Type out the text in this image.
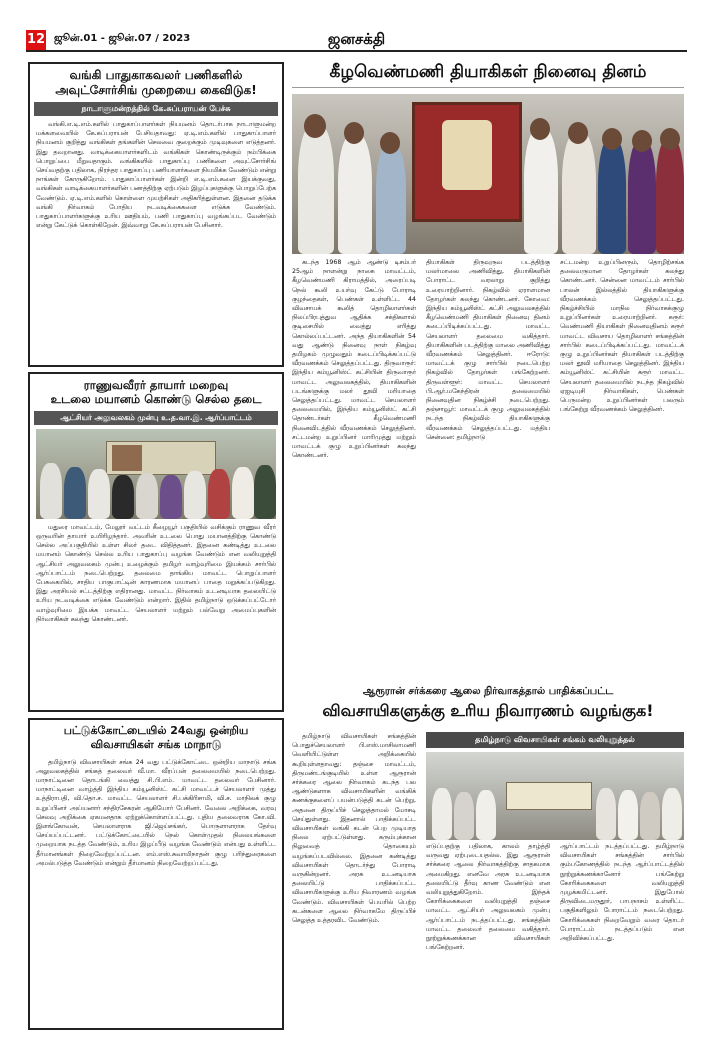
12 ஜூன்.01 - ஜூன்.07 / 2023	ஜனசக்தி
வங்கி பாதுகாகவலர் பணிகளில்
அவுட்சோர்சிங் முறையை கைவிடுக!
நாடாளுமன்றத்தில் கே.சுப்பராயன் பேச்சு
வங்கி.எ.டி.எம்.களில் பாதுகாப்பாளர்கள் நியமனம் தொடர்பாக நாடாளுமன்ற மக்களவையில் கே.சுப்பராயன் பேசியதாவது: ஏ.டி.எம்.களில் பாதுகாப்பாளர் நியமனம் குறித்து வங்கிகள் தங்களின் செலவை குறைக்கும் முடிவுகளை எடுத்தனர். இது தவறானது. வாடிக்கையாளர்களிடம் வங்கிகள் கொண்டிருக்கும் நம்பிக்கை பொறுப்பை மீறுவதாகும். வங்கிகளில் பாதுகாப்பு பணிகளை அவுட்சோர்சிங் செய்வதற்கு பதிலாக, நிரந்தர பாதுகாப்பு பணியாளர்களை நியமிக்க வேண்டும் என்று நாங்கள் கோருகிறோம். பாதுகாப்பாளர்கள் இன்றி எ.டி.எம்.களை இயக்குவது, வங்கிகள் வாடிக்கையாளர்களின் பணத்திற்கு ஏற்படும் இழப்புகளுக்கு பொறுப்பேற்க வேண்டும். ஏ.டி.எம்.களில் கொள்ளை முயற்சிகள் அதிகரித்துள்ளன. இதனை தடுக்க வங்கி நிர்வாகம் போதிய நடவடிக்கைகளை எடுக்க வேண்டும். பாதுகாப்பாளர்களுக்கு உரிய ஊதியம், பணி பாதுகாப்பு வழங்கப்பட வேண்டும் என்று கேட்டுக் கொள்கிறேன். இவ்வாறு கே.சுப்பராயன் பேசினார்.
ராணுவவீரர் தாயார் மறைவு
உடலை மயானம் கொண்டு செல்ல தடை
ஆட்சியர் அலுவலகம் முன்பு உ.த.வா.இ. ஆர்ப்பாட்டம்
மதுரை மாவட்டம், மேலூர் வட்டம் கீழையூர் பகுதியில் வசிக்கும் ராணுவ வீரர் ஒருவரின் தாயார் உயிரிழந்தார். அவரின் உடலை பொது மயானத்திற்கு கொண்டு செல்ல அப்பகுதியில் உள்ள சிலர் தடை விதித்தனர். இதனை கண்டித்து உடலை மயானம் கொண்டு செல்ல உரிய பாதுகாப்பு வழங்க வேண்டும் என வலியுறுத்தி ஆட்சியர் அலுவலகம் முன்பு உழைக்கும் தமிழர் வாழ்வுரிமை இயக்கம் சார்பில் ஆர்ப்பாட்டம் நடைபெற்றது. தலைமை தாங்கிய மாவட்ட பொறுப்பாளர் பேசுகையில், சாதிய பாகுபாட்டின் காரணமாக மயானப் பாதை மறுக்கப்படுகிறது. இது அரசியல் சட்டத்திற்கு எதிரானது. மாவட்ட நிர்வாகம் உடனடியாக தலையிட்டு உரிய நடவடிக்கை எடுக்க வேண்டும் என்றார். இதில் தமிழ்நாடு ஒடுக்கப்பட்டோர் வாழ்வுரிமை இயக்க மாவட்ட செயலாளர் மற்றும் பல்வேறு அமைப்புகளின் நிர்வாகிகள் கலந்து கொண்டனர்.
பட்டுக்கோட்டையில் 24வது ஒன்றிய
விவசாயிகள் சங்க மாநாடு
தமிழ்நாடு விவசாயிகள் சங்க 24 வது பட்டுக்கோட்டை ஒன்றிய மாநாடு சங்க அலுவலகத்தில் சங்கத் தலைவர் வீ.மா. வீரப்பன் தலைமையில் நடைபெற்றது. மாநாட்டினை தொடங்கி வைத்து சி.பி.எம். மாவட்ட தலைவர் பேசினார். மாநாட்டினை வாழ்த்தி இந்திய கம்யூனிஸ்ட் கட்சி மாவட்டச் செயலாளர் முத்து உத்திராபதி, வி.தொ.ச. மாவட்ட செயலாளர் சி.பக்கிரிசாமி, வி.ச. மாநிலக் குழு உறுப்பினர் அய்யனார் சந்திரசேகரன் ஆகியோர் பேசினர். வேலை அறிக்கை, வரவு செலவு அறிக்கை ஏகமனதாக ஏற்றுக்கொள்ளப்பட்டது. புதிய தலைவராக கோ.வி. இளங்கோவன், செயலாளராக ஜி.ஜெய்சங்கர், பொருளாளராக தேர்வு செய்யப்பட்டனர். பட்டுக்கோட்டையில் நெல் கொள்முதல் நிலையங்களை முறையாக நடத்த வேண்டும், உரிய இழப்பீடு வழங்க வேண்டும் என்பது உள்ளிட்ட தீர்மானங்கள் நிறைவேற்றப்பட்டன. எம்.எஸ்.சுவாமிநாதன் குழு பரிந்துரைகளை அமல்படுத்த வேண்டும் என்றும் தீர்மானம் நிறைவேற்றப்பட்டது.
கீழவெண்மணி தியாகிகள் நினைவு தினம்
கடந்த 1968 ஆம் ஆண்டு டிசம்பர் 25ஆம் நாளன்று நாகை மாவட்டம், கீழவெண்மணி கிராமத்தில், அரைப்படி நெல் கூலி உயர்வு கேட்டு போராடி குழந்தைகள், பெண்கள் உள்ளிட்ட 44 விவசாயக் கூலித் தொழிலாளர்கள் நிலப்பிரபுத்துவ ஆதிக்க சக்திகளால் குடிசையில் வைத்து எரித்து கொல்லப்பட்டனர். அந்த தியாகிகளின் 54 வது ஆண்டு நினைவு நாள் நிகழ்வு தமிழகம் முழுவதும் கடைப்பிடிக்கப்பட்டு வீரவணக்கம் செலுத்தப்பட்டது. திருவாரூர்: இந்திய கம்யூனிஸ்ட் கட்சியின் திருவாரூர் மாவட்ட அலுவலகத்தில், தியாகிகளின் படங்களுக்கு மலர் தூவி மரியாதை செலுத்தப்பட்டது. மாவட்ட செயலாளர் தலைமையில், இந்திய கம்யூனிஸ்ட் கட்சி தொண்டர்கள் கீழவெண்மணி நினைவிடத்தில் வீரவணக்கம் செலுத்தினர். சட்டமன்ற உறுப்பினர் மாரிமுத்து மற்றும் மாவட்டக் குழு உறுப்பினர்கள் கலந்து கொண்டனர்.
தியாகிகள் திருவுருவ படத்திற்கு மலர்மாலை அணிவித்து, தியாகிகளின் போராட்ட வரலாறு குறித்து உரையாற்றினார். நிகழ்வில் ஏராளமான தோழர்கள் கலந்து கொண்டனர். கோவை: இந்திய கம்யூனிஸ்ட் கட்சி அலுவலகத்தில் கீழவெண்மணி தியாகிகள் நினைவு தினம் கடைப்பிடிக்கப்பட்டது. மாவட்ட செயலாளர் தலைமை வகித்தார். தியாகிகளின் படத்திற்கு மாலை அணிவித்து வீரவணக்கம் செலுத்தினர். ஈரோடு: மாவட்டக் குழு சார்பில் நடைபெற்ற நிகழ்வில் தோழர்கள் பங்கேற்றனர். திருவள்ளூர்: மாவட்ட செயலாளர் பி.ஆர்.மகேந்திரன் தலைமையில் நினைவுதின நிகழ்ச்சி நடைபெற்றது. தஞ்சாவூர்: மாவட்டக் குழு அலுவலகத்தில் நடந்த நிகழ்வில் தியாகிகளுக்கு வீரவணக்கம் செலுத்தப்பட்டது. மத்திய சென்னை: தமிழ்நாடு
சட்டமன்ற உறுப்பினரும், தொழிற்சங்க தலைவருமான தோழர்கள் கலந்து கொண்டனர். சென்னை மாவட்டம் சார்பில் பாலன் இல்லத்தில் தியாகிகளுக்கு வீரவணக்கம் செலுத்தப்பட்டது. நிகழ்ச்சியில் மாநில நிர்வாகக்குழு உறுப்பினர்கள் உரையாற்றினர். கரூர்: வெண்மணி தியாகிகள் நினைவுதினம் கரூர் மாவட்ட விவசாய தொழிலாளர் சங்கத்தின் சார்பில் கடைப்பிடிக்கப்பட்டது. மாவட்டக் குழு உறுப்பினர்கள் தியாகிகள் படத்திற்கு மலர் தூவி மரியாதை செலுத்தினர். இந்திய கம்யூனிஸ்ட் கட்சியின் கரூர் மாவட்ட செயலாளர் தலைமையில் நடந்த நிகழ்வில் ஏஐடியுசி நிர்வாகிகள், பெண்கள் பெருமன்ற உறுப்பினர்கள் பலரும் பங்கேற்று வீரவணக்கம் செலுத்தினர்.
ஆரூரான் சர்க்கரை ஆலை நிர்வாகத்தால் பாதிக்கப்பட்ட
விவசாயிகளுக்கு உரிய நிவாரணம் வழங்குக!
தமிழ்நாடு விவசாயிகள் சங்கத்தின் பொதுச்செயலாளர் பி.எஸ்.மாசிலாமணி வெளியிட்டுள்ள அறிக்கையில் கூறியுள்ளதாவது: தஞ்சை மாவட்டம், திருமண்டங்குடியில் உள்ள ஆரூரான் சர்க்கரை ஆலை நிர்வாகம் கடந்த பல ஆண்டுகளாக விவசாயிகளின் வங்கிக் கணக்குகளைப் பயன்படுத்தி கடன் பெற்று, அதனை திருப்பிச் செலுத்தாமல் மோசடி செய்துள்ளது. இதனால் பாதிக்கப்பட்ட விவசாயிகள் வங்கி கடன் பெற முடியாத நிலை ஏற்பட்டுள்ளது. கரும்புக்கான நிலுவைத் தொகையும் வழங்கப்படவில்லை. இதனை கண்டித்து விவசாயிகள் தொடர்ந்து போராடி வருகின்றனர். அரசு உடனடியாக தலையிட்டு பாதிக்கப்பட்ட விவசாயிகளுக்கு உரிய நிவாரணம் வழங்க வேண்டும். விவசாயிகள் பெயரில் பெற்ற கடன்களை ஆலை நிர்வாகமே திருப்பிச் செலுத்த உத்தரவிட வேண்டும்.
தமிழ்நாடு விவசாயிகள் சங்கம் வலியுறுத்தல்
எடுப்பதற்கு பதிலாக, காலம் தாழ்த்தி வருவது ஏற்புடையதல்ல. இது ஆரூரான் சர்க்கரை ஆலை நிர்வாகத்திற்கு சாதகமாக அமைகிறது. எனவே அரசு உடனடியாக தலையிட்டு தீர்வு காண வேண்டும் என வலியுறுத்துகிறோம். இந்தக் கோரிக்கைகளை வலியுறுத்தி தஞ்சை மாவட்ட ஆட்சியர் அலுவலகம் முன்பு ஆர்ப்பாட்டம் நடத்தப்பட்டது. சங்கத்தின் மாவட்ட தலைவர் தலைமை வகித்தார். நூற்றுக்கணக்கான விவசாயிகள் பங்கேற்றனர்.
ஆர்ப்பாட்டம் நடத்தப்பட்டது. தமிழ்நாடு விவசாயிகள் சங்கத்தின் சார்பில் கும்பகோணத்தில் நடந்த ஆர்ப்பாட்டத்தில் நூற்றுக்கணக்கானோர் பங்கேற்று கோரிக்கைகளை வலியுறுத்தி முழக்கமிட்டனர். இதுபோல் திருவிடைமருதூர், பாபநாசம் உள்ளிட்ட பகுதிகளிலும் போராட்டம் நடைபெற்றது. கோரிக்கைகள் நிறைவேறும் வரை தொடர் போராட்டம் நடத்தப்படும் என அறிவிக்கப்பட்டது.
